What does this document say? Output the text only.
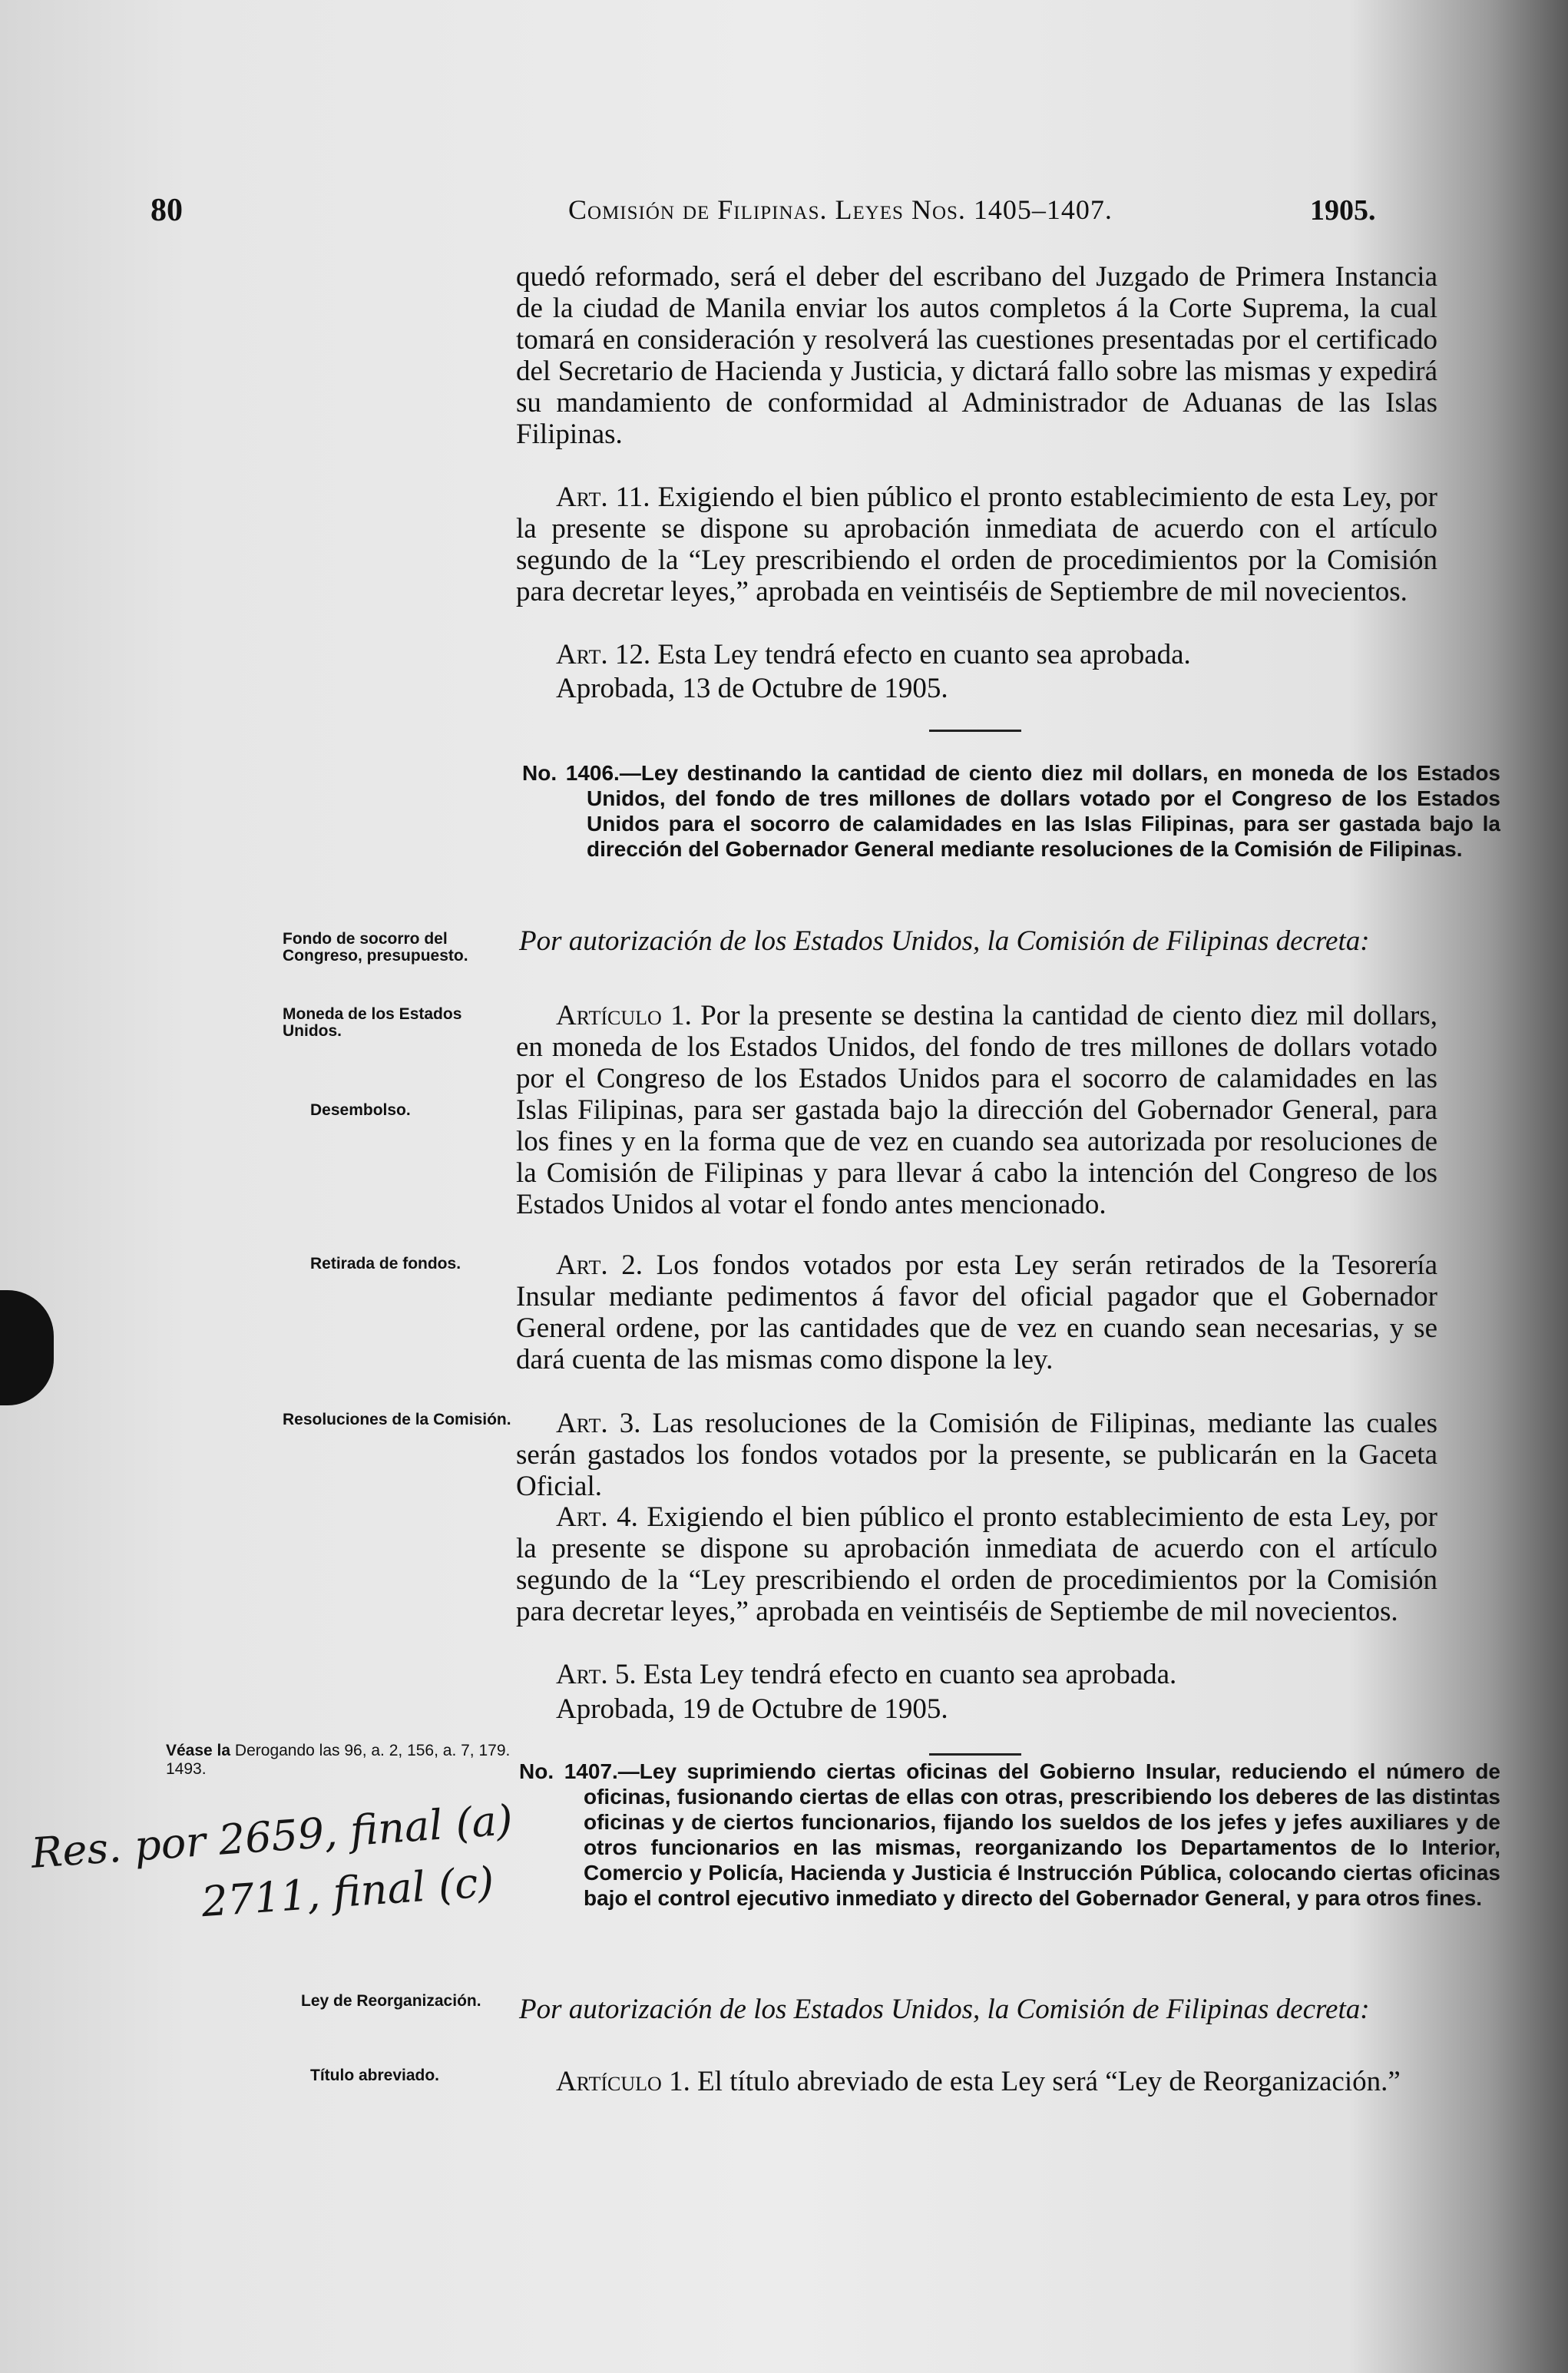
80	Comisión de Filipinas. Leyes Nos. 1405–1407.	1905.

quedó reformado, será el deber del escribano del Juzgado de Primera Instancia de la ciudad de Manila enviar los autos completos á la Corte Suprema, la cual tomará en consideración y resolverá las cuestiones presentadas por el certificado del Secretario de Hacienda y Justicia, y dictará fallo sobre las mismas y expedirá su mandamiento de conformidad al Administrador de Aduanas de las Islas Filipinas.

Art. 11. Exigiendo el bien público el pronto establecimiento de esta Ley, por la presente se dispone su aprobación inmediata de acuerdo con el artículo segundo de la “Ley prescribiendo el orden de procedimientos por la Comisión para decretar leyes,” aprobada en veintiséis de Septiembre de mil novecientos.

Art. 12. Esta Ley tendrá efecto en cuanto sea aprobada.

Aprobada, 13 de Octubre de 1905.

No. 1406.—Ley destinando la cantidad de ciento diez mil dollars, en moneda de los Estados Unidos, del fondo de tres millones de dollars votado por el Congreso de los Estados Unidos para el socorro de calamidades en las Islas Filipinas, para ser gastada bajo la dirección del Gobernador General mediante resoluciones de la Comisión de Filipinas.

Por autorización de los Estados Unidos, la Comisión de Filipinas decreta:

Artículo 1. Por la presente se destina la cantidad de ciento diez mil dollars, en moneda de los Estados Unidos, del fondo de tres millones de dollars votado por el Congreso de los Estados Unidos para el socorro de calamidades en las Islas Filipinas, para ser gastada bajo la dirección del Gobernador General, para los fines y en la forma que de vez en cuando sea autorizada por resoluciones de la Comisión de Filipinas y para llevar á cabo la intención del Congreso de los Estados Unidos al votar el fondo antes mencionado.

Art. 2. Los fondos votados por esta Ley serán retirados de la Tesorería Insular mediante pedimentos á favor del oficial pagador que el Gobernador General ordene, por las cantidades que de vez en cuando sean necesarias, y se dará cuenta de las mismas como dispone la ley.

Art. 3. Las resoluciones de la Comisión de Filipinas, mediante las cuales serán gastados los fondos votados por la presente, se publicarán en la Gaceta Oficial.

Art. 4. Exigiendo el bien público el pronto establecimiento de esta Ley, por la presente se dispone su aprobación inmediata de acuerdo con el artículo segundo de la “Ley prescribiendo el orden de procedimientos por la Comisión para decretar leyes,” aprobada en veintiséis de Septiembe de mil novecientos.

Art. 5. Esta Ley tendrá efecto en cuanto sea aprobada.

Aprobada, 19 de Octubre de 1905.

Fondo de socorro del Congreso, presupuesto.

Moneda de los Estados Unidos.

Desembolso.

Retirada de fondos.

Resoluciones de la Comisión.

Ley de Reorganización.

Título abreviado.

Véase la Derogando las 96, a. 2, 156, a. 7, 179.
1493.

Res. por 2659, final (a)
2711, final (c)

No. 1407.—Ley suprimiendo ciertas oficinas del Gobierno Insular, reduciendo el número de oficinas, fusionando ciertas de ellas con otras, prescribiendo los deberes de las distintas oficinas y de ciertos funcionarios, fijando los sueldos de los jefes y jefes auxiliares y de otros funcionarios en las mismas, reorganizando los Departamentos de lo Interior, Comercio y Policía, Hacienda y Justicia é Instrucción Pública, colocando ciertas oficinas bajo el control ejecutivo inmediato y directo del Gobernador General, y para otros fines.

Por autorización de los Estados Unidos, la Comisión de Filipinas decreta:

Artículo 1. El título abreviado de esta Ley será “Ley de Reorganización.”
